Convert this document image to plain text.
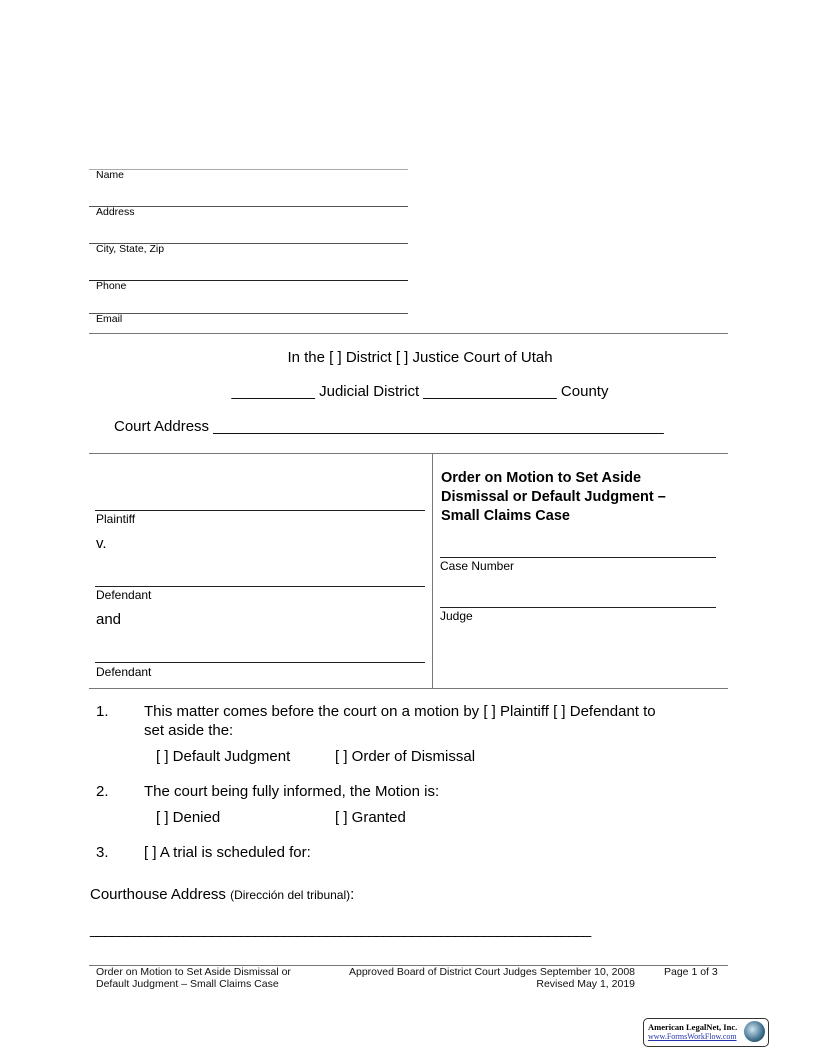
Name
Address
City, State, Zip
Phone
Email
In the [ ] District [ ] Justice Court of Utah
__________ Judicial District ________________ County
Court Address ______________________________________________________
Plaintiff
v.
Defendant
and
Defendant
Order on Motion to Set Aside
Dismissal or Default Judgment –
Small Claims Case
Case Number
Judge
1. This matter comes before the court on a motion by [ ] Plaintiff [ ] Defendant to
set aside the:
[ ] Default Judgment	[ ] Order of Dismissal
2. The court being fully informed, the Motion is:
[ ] Denied	[ ] Granted
3. [ ] A trial is scheduled for:
Courthouse Address (Dirección del tribunal):
______________________________________________________________________
Order on Motion to Set Aside Dismissal or
Default Judgment – Small Claims Case
Approved Board of District Court Judges September 10, 2008
Revised May 1, 2019
Page 1 of 3
American LegalNet, Inc.
www.FormsWorkFlow.com
